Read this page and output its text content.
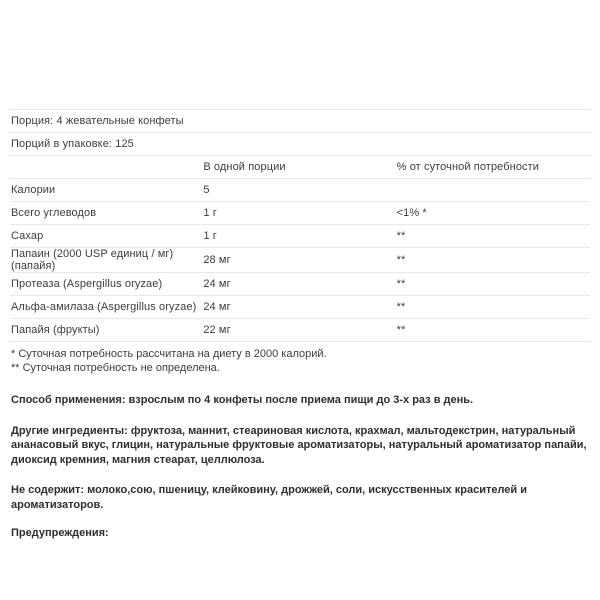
Порция: 4 жевательные конфеты		
Порций в упаковке: 125		
	В одной порции	% от суточной потребности
Калории	5	
Всего углеводов	1 г	<1% *
Сахар	1 г	**
Папаин (2000 USP единиц / мг) (папайя)	28 мг	**
Протеаза (Aspergillus oryzae)	24 мг	**
Альфа-амилаза (Aspergillus oryzae)	24 мг	**
Папайя (фрукты)	22 мг	**
* Суточная потребность рассчитана на диету в 2000 калорий.
** Суточная потребность не определена.
Способ применения: взрослым по 4 конфеты после приема пищи до 3-х раз в день.
Другие ингредиенты: фруктоза, маннит, стеариновая кислота, крахмал, мальтодекстрин, натуральный ананасовый вкус, глицин, натуральные фруктовые ароматизаторы, натуральный ароматизатор папайи, диоксид кремния, магния стеарат, целлюлоза.
Не содержит: молоко,сою, пшеницу, клейковину, дрожжей, соли, искусственных красителей и ароматизаторов.
Предупреждения:
